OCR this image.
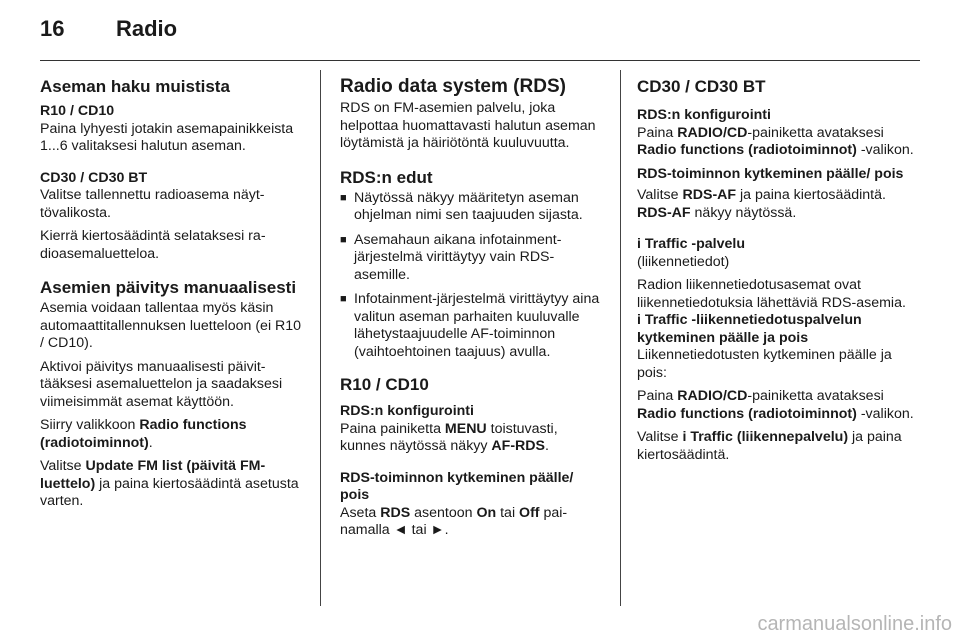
16 Radio
Aseman haku muistista
R10 / CD10

Paina lyhyesti jotakin asemapainikkeista 1...6 valitaksesi halutun aseman.

CD30 / CD30 BT

Valitse tallennettu radioasema näyttövalikosta.

Kierrä kiertosäädintä selataksesi radioasemaluetteloa.

Asemien päivitys manuaalisesti

Asemia voidaan tallentaa myös käsin automaattitallennuksen luetteloon (ei R10 / CD10).

Aktivoi päivitys manuaalisesti päivittääksesi asemaluettelon ja saadaksesi viimeisimmät asemat käyttöön.

Siirry valikkoon Radio functions (radiotoiminnot).

Valitse Update FM list (päivitä FM-luettelo) ja paina kiertosäädintä asetusta varten.

Radio data system (RDS)

RDS on FM-asemien palvelu, joka helpottaa huomattavasti halutun aseman löytämistä ja häiriötöntä kuuluvuutta.

RDS:n edut
■ Näytössä näkyy määritetyn aseman ohjelman nimi sen taajuuden sijasta.
■ Asemahaun aikana infotainment-järjestelmä virittäytyy vain RDS-asemille.
■ Infotainment-järjestelmä virittäytyy aina valitun aseman parhaiten kuuluvalle lähetystaajuudelle AF-toiminnon (vaihtoehtoinen taajuus) avulla.
R10 / CD10
RDS:n konfigurointi

Paina painiketta MENU toistuvasti, kunnes näytössä näkyy AF-RDS.

RDS-toiminnon kytkeminen päälle/ pois

Aseta RDS asentoon On tai Off painamalla ◄ tai ►.

CD30 / CD30 BT
RDS:n konfigurointi

Paina RADIO/CD-painiketta avataksesi Radio functions (radiotoiminnot) -valikon.

RDS-toiminnon kytkeminen päälle/ pois

Valitse RDS-AF ja paina kiertosäädintä. RDS-AF näkyy näytössä.

i Traffic -palvelu

(liikennetiedot)

Radion liikennetiedotusasemat ovat liikennetiedotuksia lähettäviä RDS-asemia.

i Traffic -liikennetiedotuspalvelun kytkeminen päälle ja pois

Liikennetiedotusten kytkeminen päälle ja pois:

Paina RADIO/CD-painiketta avataksesi Radio functions (radiotoiminnot) -valikon.

Valitse i Traffic (liikennepalvelu) ja paina kiertosäädintä.

carmanualsonline.info
